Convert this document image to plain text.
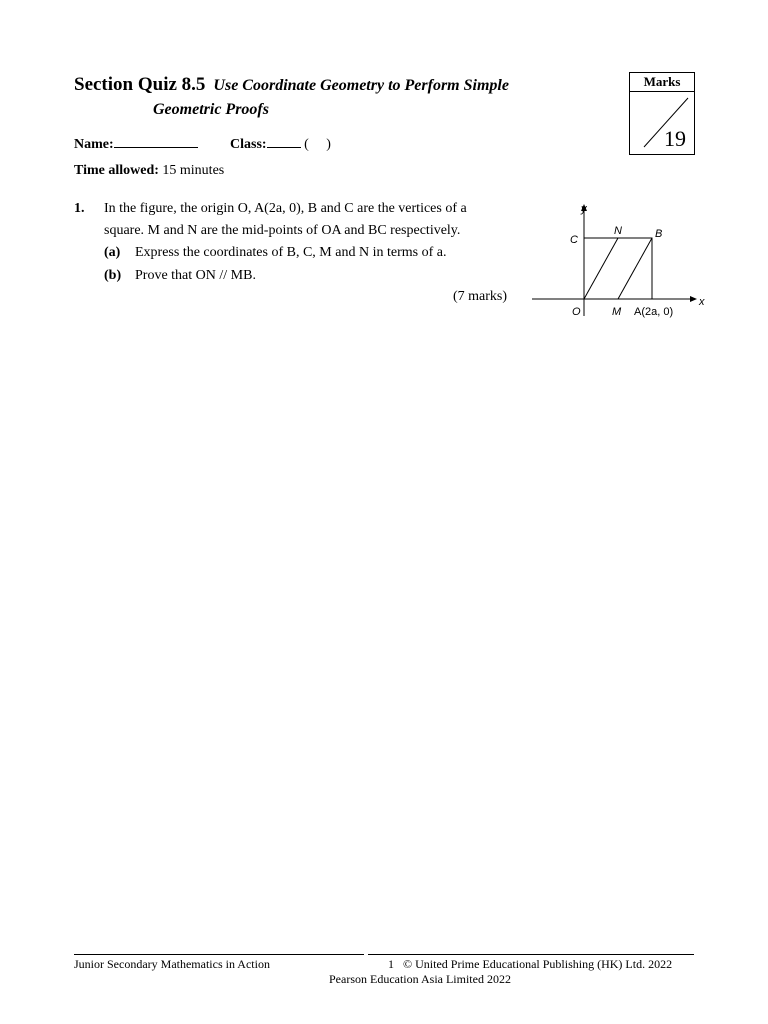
Section Quiz 8.5 Use Coordinate Geometry to Perform Simple
Geometric Proofs
Marks
19
Name:	Class:	(     )
Time allowed: 15 minutes
1. In the figure, the origin O, A(2a, 0), B and C are the vertices of a
square. M and N are the mid-points of OA and BC respectively.
(a) Express the coordinates of B, C, M and N in terms of a.
(b) Prove that ON // MB.
(7 marks)
y
x
C
N	B
O	M A(2a, 0)
Junior Secondary Mathematics in Action	1   © United Prime Educational Publishing (HK) Ltd. 2022
Pearson Education Asia Limited 2022
